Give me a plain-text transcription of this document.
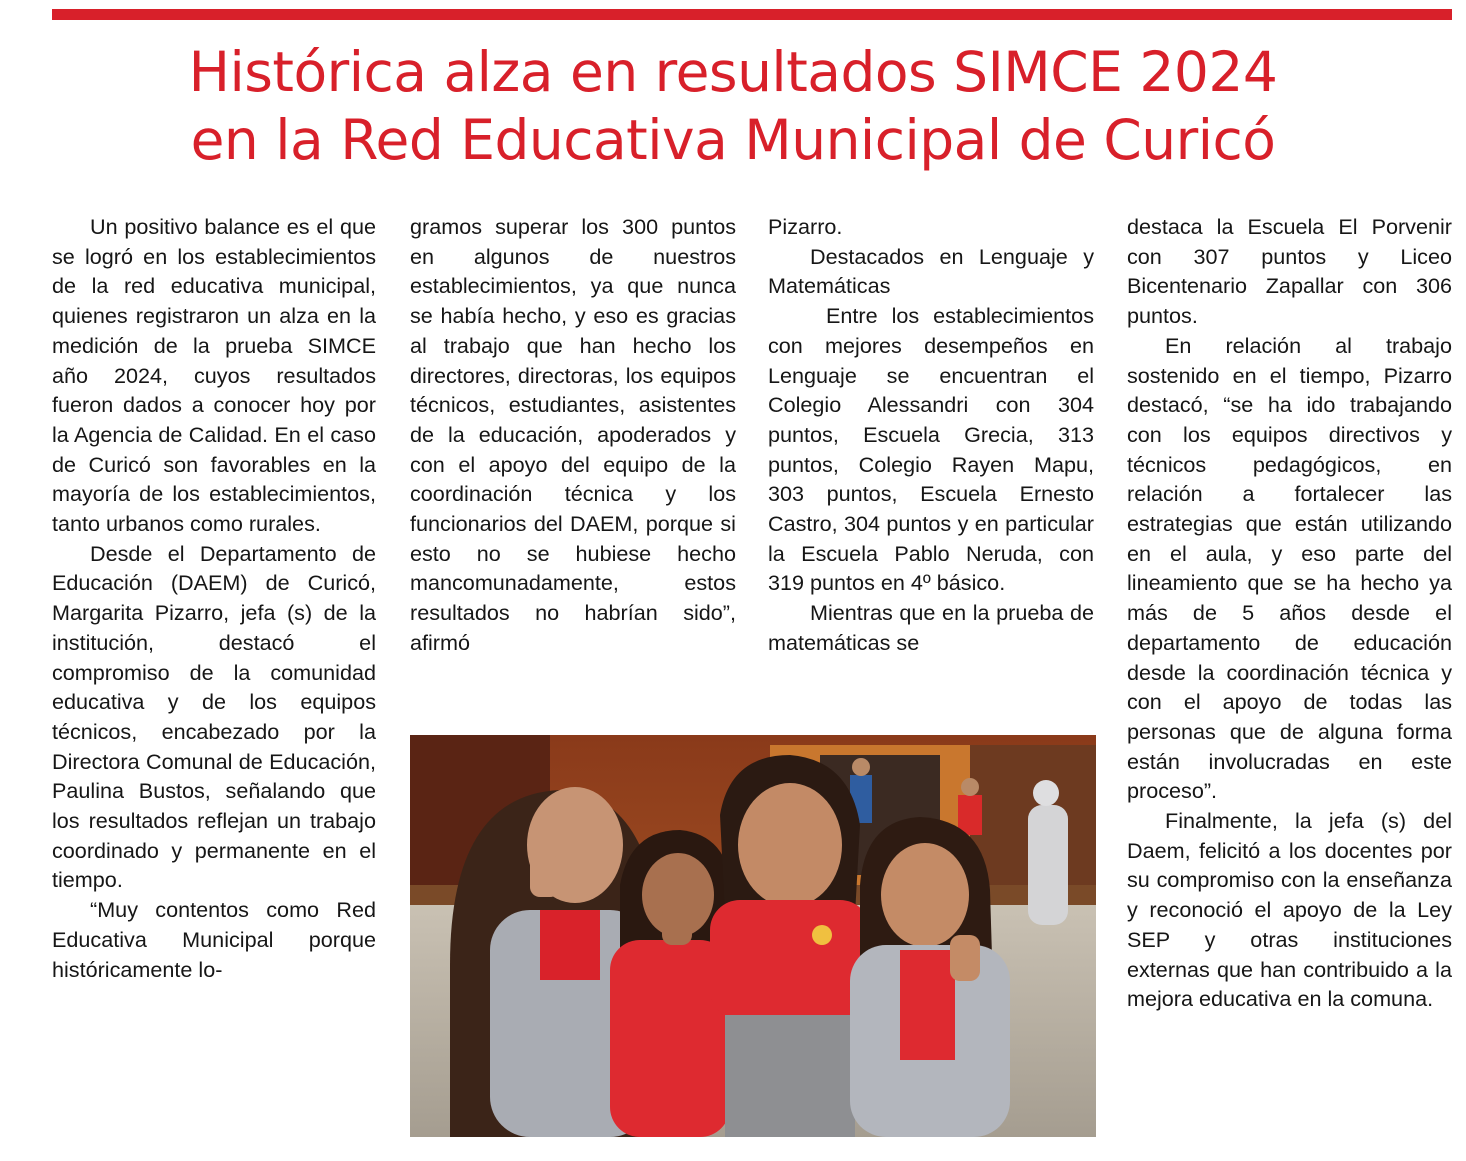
Histórica alza en resultados SIMCE 2024
en la Red Educativa Municipal de Curicó

Un positivo balance es el que se logró en los establecimientos de la red educativa municipal, quienes registraron un alza en la medición de la prueba SIMCE año 2024, cuyos resultados fueron dados a conocer hoy por la Agencia de Calidad. En el caso de Curicó son favorables en la mayoría de los establecimientos, tanto urbanos como rurales.

Desde el Departamento de Educación (DAEM) de Curicó, Margarita Pizarro, jefa (s) de la institución, destacó el compromiso de la comunidad educativa y de los equipos técnicos, encabezado por la Directora Comunal de Educación, Paulina Bustos, señalando que los resultados reflejan un trabajo coordinado y permanente en el tiempo.

“Muy contentos como Red Educativa Municipal porque históricamente lo-

gramos superar los 300 puntos en algunos de nuestros establecimientos, ya que nunca se había hecho, y eso es gracias al trabajo que han hecho los directores, directoras, los equipos técnicos, estudiantes, asistentes de la educación, apoderados y con el apoyo del equipo de la coordinación técnica y los funcionarios del DAEM, porque si esto no se hubiese hecho mancomunadamente, estos resultados no habrían sido”, afirmó

Pizarro.

Destacados en Lenguaje y Matemáticas

Entre los establecimientos con mejores desempeños en Lenguaje se encuentran el Colegio Alessandri con 304 puntos, Escuela Grecia, 313 puntos, Colegio Rayen Mapu, 303 puntos, Escuela Ernesto Castro, 304 puntos y en particular la Escuela Pablo Neruda, con 319 puntos en 4º básico.

Mientras que en la prueba de matemáticas se

destaca la Escuela El Porvenir con 307 puntos y Liceo Bicentenario Zapallar con 306 puntos.

En relación al trabajo sostenido en el tiempo, Pizarro destacó, “se ha ido trabajando con los equipos directivos y técnicos pedagógicos, en relación a fortalecer las estrategias que están utilizando en el aula, y eso parte del lineamiento que se ha hecho ya más de 5 años desde el departamento de educación desde la coordinación técnica y con el apoyo de todas las personas que de alguna forma están involucradas en este proceso”.

Finalmente, la jefa (s) del Daem, felicitó a los docentes por su compromiso con la enseñanza y reconoció el apoyo de la Ley SEP y otras instituciones externas que han contribuido a la mejora educativa en la comuna.
